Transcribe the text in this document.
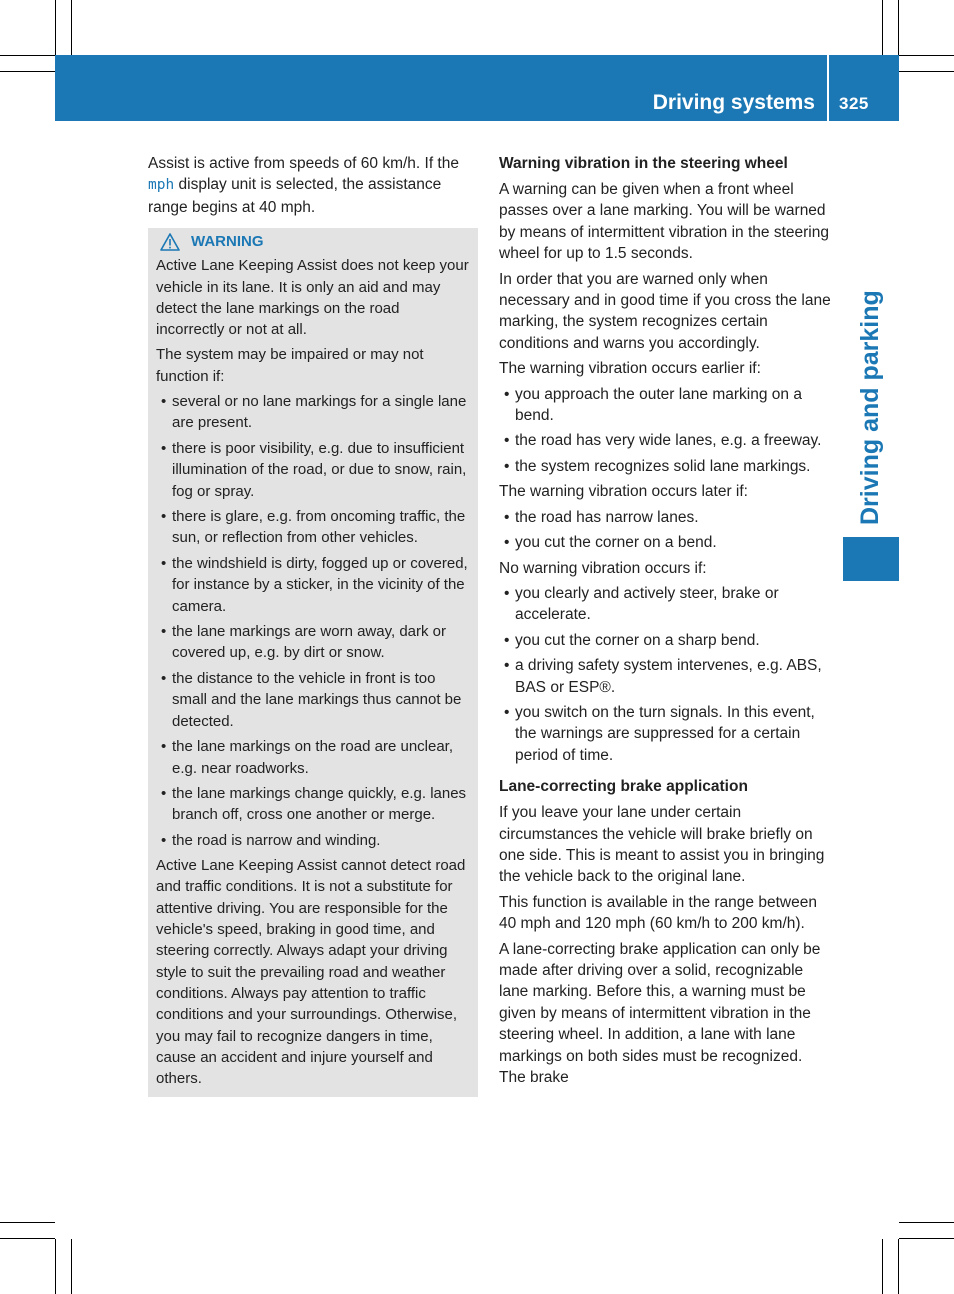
Driving systems 325
Driving and parking

Assist is active from speeds of 60 km/h. If the mph display unit is selected, the assistance range begins at 40 mph.

WARNING

Active Lane Keeping Assist does not keep your vehicle in its lane. It is only an aid and may detect the lane markings on the road incorrectly or not at all.

The system may be impaired or may not function if:

• several or no lane markings for a single lane are present.
• there is poor visibility, e.g. due to insufficient illumination of the road, or due to snow, rain, fog or spray.
• there is glare, e.g. from oncoming traffic, the sun, or reflection from other vehicles.
• the windshield is dirty, fogged up or covered, for instance by a sticker, in the vicinity of the camera.
• the lane markings are worn away, dark or covered up, e.g. by dirt or snow.
• the distance to the vehicle in front is too small and the lane markings thus cannot be detected.
• the lane markings on the road are unclear, e.g. near roadworks.
• the lane markings change quickly, e.g. lanes branch off, cross one another or merge.
• the road is narrow and winding.

Active Lane Keeping Assist cannot detect road and traffic conditions. It is not a substitute for attentive driving. You are responsible for the vehicle's speed, braking in good time, and steering correctly. Always adapt your driving style to suit the prevailing road and weather conditions. Always pay attention to traffic conditions and your surroundings. Otherwise, you may fail to recognize dangers in time, cause an accident and injure yourself and others.

Warning vibration in the steering wheel

A warning can be given when a front wheel passes over a lane marking. You will be warned by means of intermittent vibration in the steering wheel for up to 1.5 seconds.

In order that you are warned only when necessary and in good time if you cross the lane marking, the system recognizes certain conditions and warns you accordingly.

The warning vibration occurs earlier if:

• you approach the outer lane marking on a bend.
• the road has very wide lanes, e.g. a freeway.
• the system recognizes solid lane markings.

The warning vibration occurs later if:

• the road has narrow lanes.
• you cut the corner on a bend.

No warning vibration occurs if:

• you clearly and actively steer, brake or accelerate.
• you cut the corner on a sharp bend.
• a driving safety system intervenes, e.g. ABS, BAS or ESP®.
• you switch on the turn signals. In this event, the warnings are suppressed for a certain period of time.
Lane-correcting brake application

If you leave your lane under certain circumstances the vehicle will brake briefly on one side. This is meant to assist you in bringing the vehicle back to the original lane.

This function is available in the range between 40 mph and 120 mph (60 km/h to 200 km/h).

A lane-correcting brake application can only be made after driving over a solid, recognizable lane marking. Before this, a warning must be given by means of intermittent vibration in the steering wheel. In addition, a lane with lane markings on both sides must be recognized. The brake
